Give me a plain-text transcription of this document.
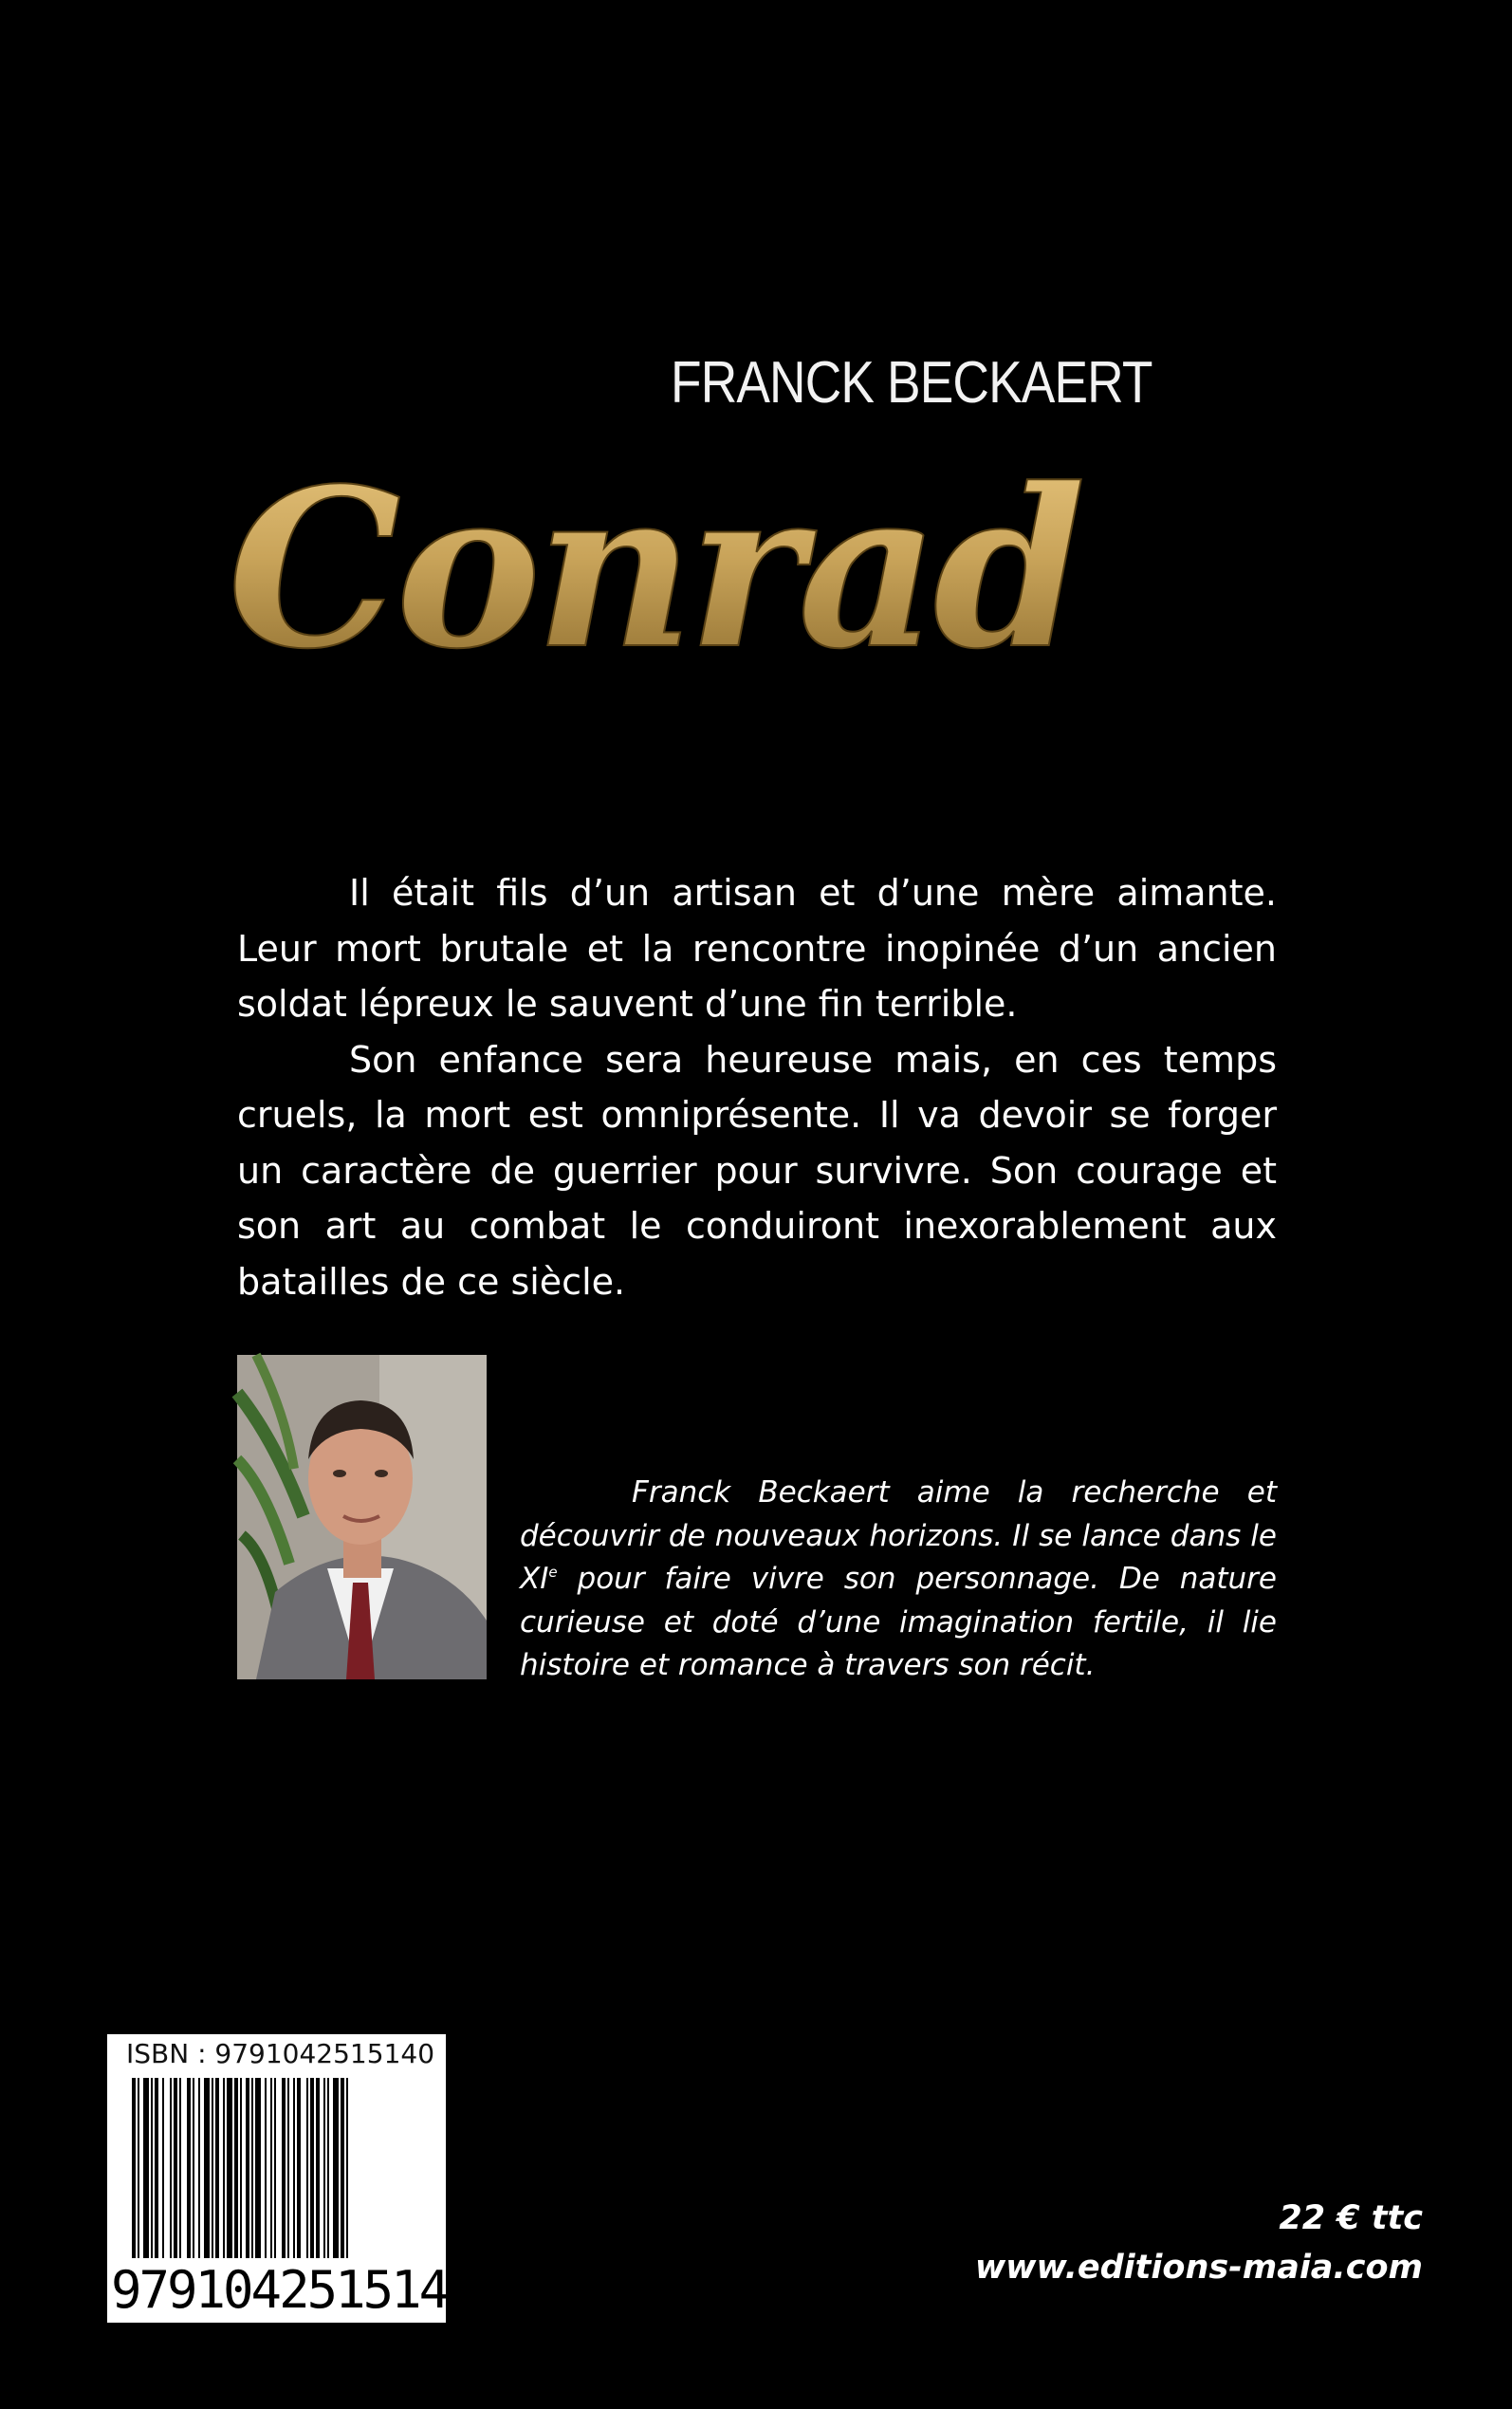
FRANCK BECKAERT
Conrad

Il était fils d’un artisan et d’une mère aimante. Leur mort brutale et la rencontre inopinée d’un ancien soldat lépreux le sauvent d’une fin terrible.

Son enfance sera heureuse mais, en ces temps cruels, la mort est omniprésente. Il va devoir se forger un caractère de guerrier pour survivre. Son courage et son art au combat le conduiront inexorablement aux batailles de ce siècle.

Franck Beckaert aime la recherche et découvrir de nouveaux horizons. Il se lance dans le XIe pour faire vivre son personnage. De nature curieuse et doté d’une imagination fertile, il lie histoire et romance à travers son récit.

ISBN : 9791042515140
9791042515140
22 € ttc
www.editions-maia.com
